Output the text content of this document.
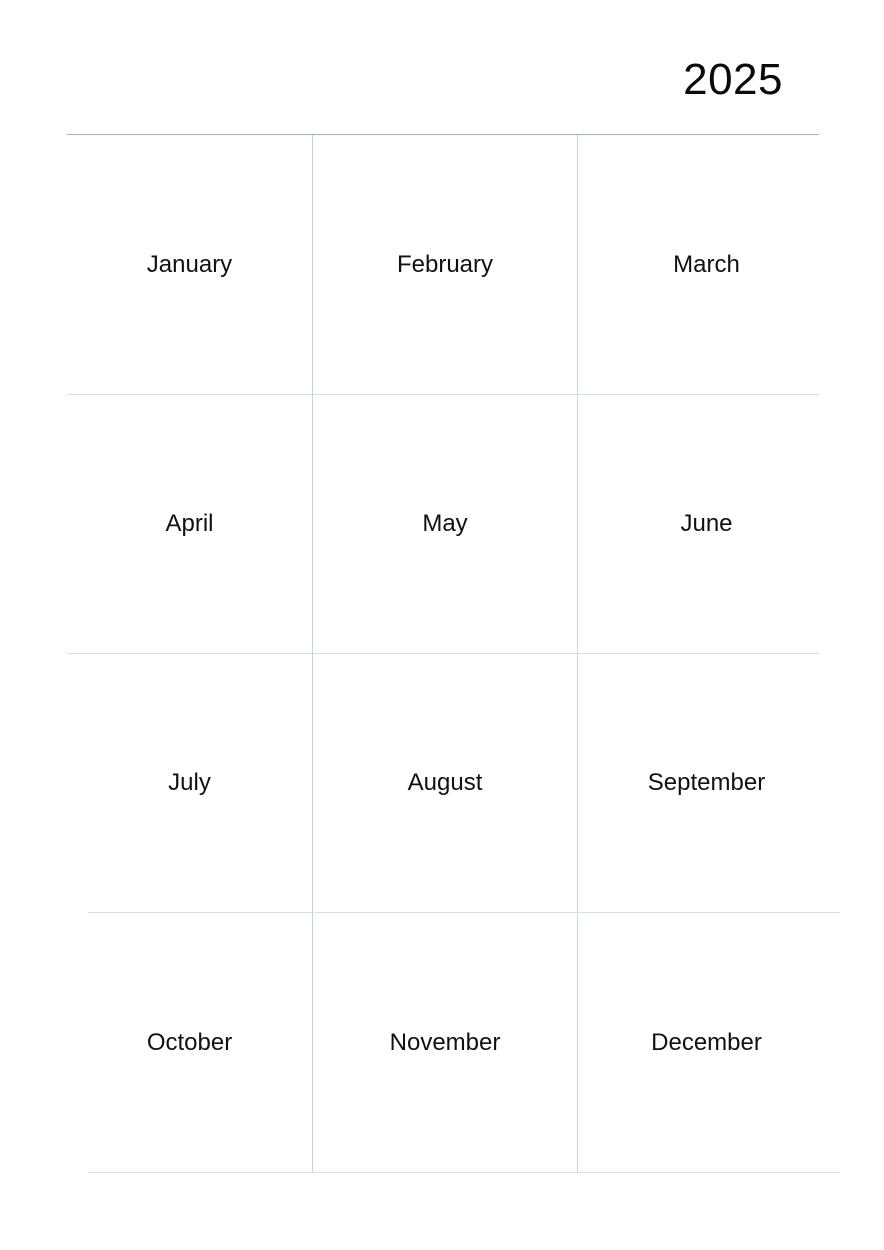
2025
January	February	March
April	May	June
July	August	September
October	November	December
